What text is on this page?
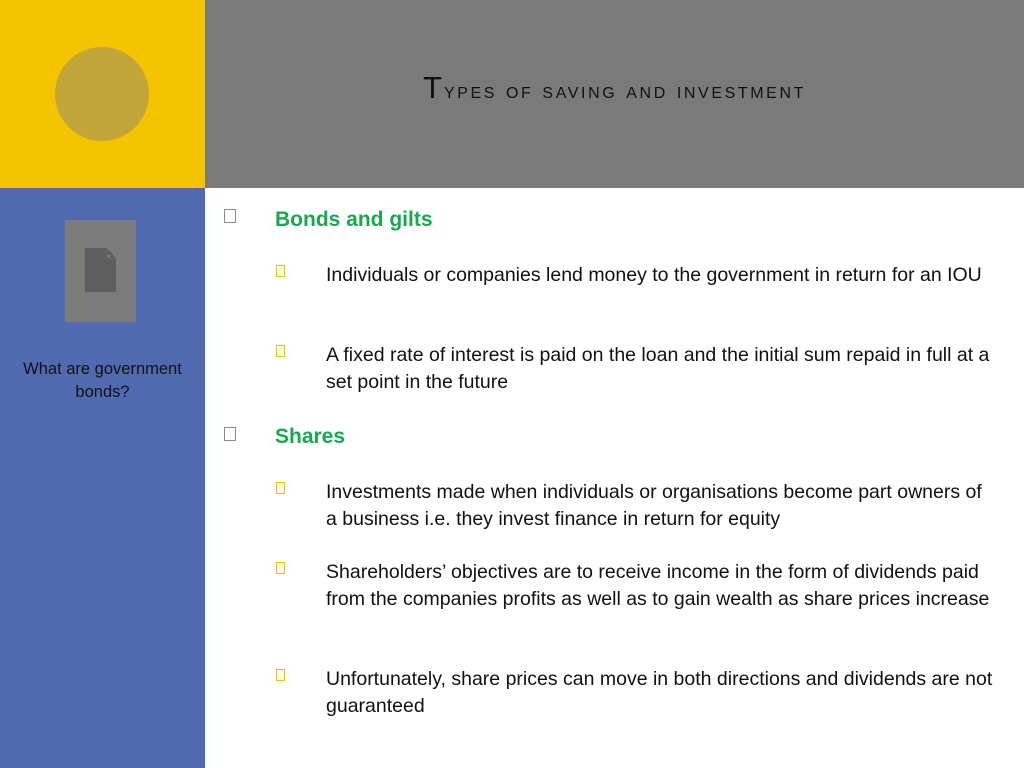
Types of saving and investment
What are government bonds?
Bonds and gilts
Individuals or companies lend money to the government in return for an IOU
A fixed rate of interest is paid on the loan and the initial sum repaid in full at a set point in the future
Shares
Investments made when individuals or organisations become part owners of a business i.e. they invest finance in return for equity
Shareholders’ objectives are to receive income in the form of dividends paid from the companies profits as well as to gain wealth as share prices increase
Unfortunately, share prices can move in both directions and dividends are not guaranteed
